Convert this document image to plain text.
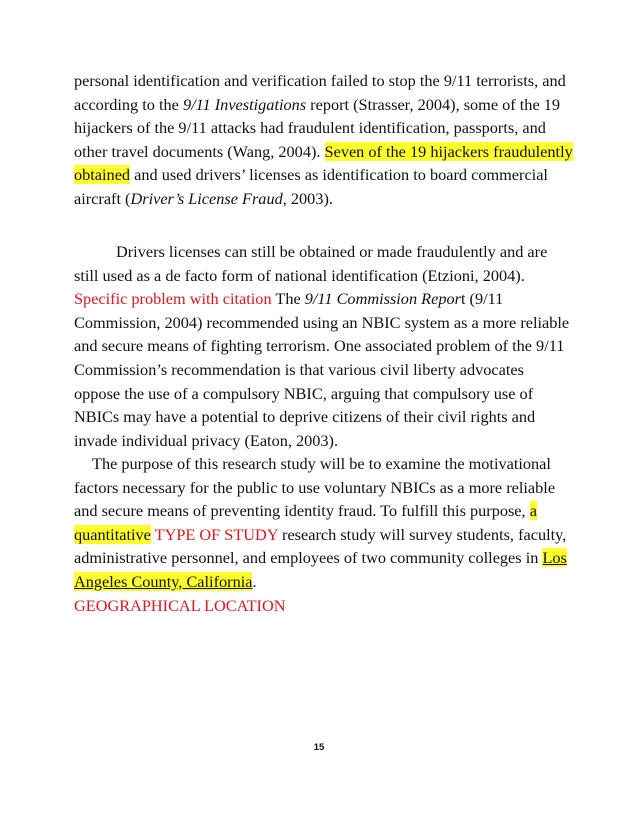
personal identification and verification failed to stop the 9/11 terrorists, and according to the 9/11 Investigations report (Strasser, 2004), some of the 19 hijackers of the 9/11 attacks had fraudulent identification, passports, and other travel documents (Wang, 2004). Seven of the 19 hijackers fraudulently obtained and used drivers’ licenses as identification to board commercial aircraft (Driver’s License Fraud, 2003).

Drivers licenses can still be obtained or made fraudulently and are still used as a de facto form of national identification (Etzioni, 2004). Specific problem with citation The 9/11 Commission Report (9/11 Commission, 2004) recommended using an NBIC system as a more reliable and secure means of fighting terrorism. One associated problem of the 9/11 Commission’s recommendation is that various civil liberty advocates oppose the use of a compulsory NBIC, arguing that compulsory use of NBICs may have a potential to deprive citizens of their civil rights and invade individual privacy (Eaton, 2003).

The purpose of this research study will be to examine the motivational factors necessary for the public to use voluntary NBICs as a more reliable and secure means of preventing identity fraud. To fulfill this purpose, a quantitative TYPE OF STUDY research study will survey students, faculty, administrative personnel, and employees of two community colleges in Los Angeles County, California.
GEOGRAPHICAL LOCATION

15
